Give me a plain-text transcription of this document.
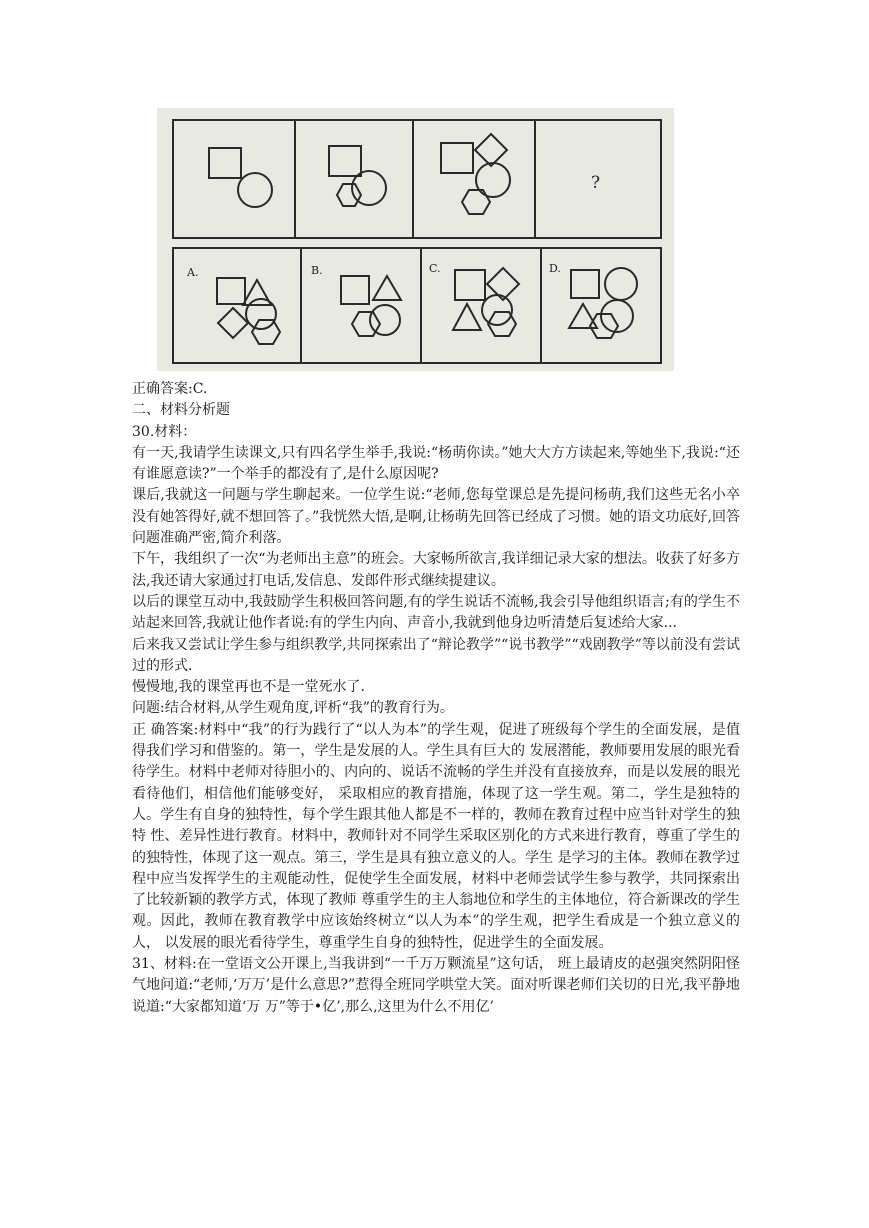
?
A.	B.	C.	D.

正确答案:C.

二、材料分析题

30.材料：

有一天,我请学生读课文,只有四名学生举手,我说:“杨萌你读。”她大大方方读起来,等她坐下,我说:“还有谁愿意读?”一个举手的都没有了,是什么原因呢?

课后,我就这一问题与学生聊起来。一位学生说:“老师,您每堂课总是先提问杨萌,我们这些无名小卒没有她答得好,就不想回答了。”我恍然大悟,是啊,让杨萌先回答已经成了习惯。她的语文功底好,回答问题准确严密,简介利落。

下午，我组织了一次“为老师出主意”的班会。大家畅所欲言,我详细记录大家的想法。收获了好多方法,我还请大家通过打电话,发信息、发郎件形式继续提建议。

以后的课堂互动中,我鼓励学生积极回答问题,有的学生说话不流畅,我会引导他组织语言;有的学生不站起来回答,我就让他作者说:有的学生内向、声音小,我就到他身边听清楚后复述给大家...

后来我又尝试让学生参与组织教学,共同探索出了“辩论教学”“说书教学”“戏剧教学”等以前没有尝试过的形式.

慢慢地,我的课堂再也不是一堂死水了.

问题:结合材料,从学生观角度,评析“我”的教育行为。

正 确答案:材料中“我”的行为践行了“以人为本”的学生观，促进了班级每个学生的全面发展，是值得我们学习和借鉴的。第一，学生是发展的人。学生具有巨大的 发展潜能，教师要用发展的眼光看待学生。材料中老师对待胆小的、内向的、说话不流畅的学生并没有直接放弃，而是以发展的眼光看待他们，相信他们能够变好， 采取相应的教育措施，体现了这一学生观。第二，学生是独特的人。学生有自身的独特性，每个学生跟其他人都是不一样的，教师在教育过程中应当针对学生的独特 性、差异性进行教育。材料中，教师针对不同学生采取区别化的方式来进行教育，尊重了学生的的独特性，体现了这一观点。第三，学生是具有独立意义的人。学生 是学习的主体。教师在教学过程中应当发挥学生的主观能动性，促使学生全面发展，材料中老师尝试学生参与教学，共同探索出了比较新颖的教学方式，体现了教师 尊重学生的主人翁地位和学生的主体地位，符合新课改的学生观。因此，教师在教育教学中应该始终树立“以人为本”的学生观，把学生看成是一个独立意义的人， 以发展的眼光看待学生，尊重学生自身的独特性，促进学生的全面发展。

31、材料:在一堂语文公开课上,当我讲到“一千万万颗流星”这句话， 班上最请皮的赵强突然阴阳怪气地问道:“老师,‘万万’是什么意思?”惹得全班同学哄堂大笑。面对听课老师们关切的日光,我平静地说道:“大家都知道‘万 万”等于•亿’,那么,这里为什么不用亿’
